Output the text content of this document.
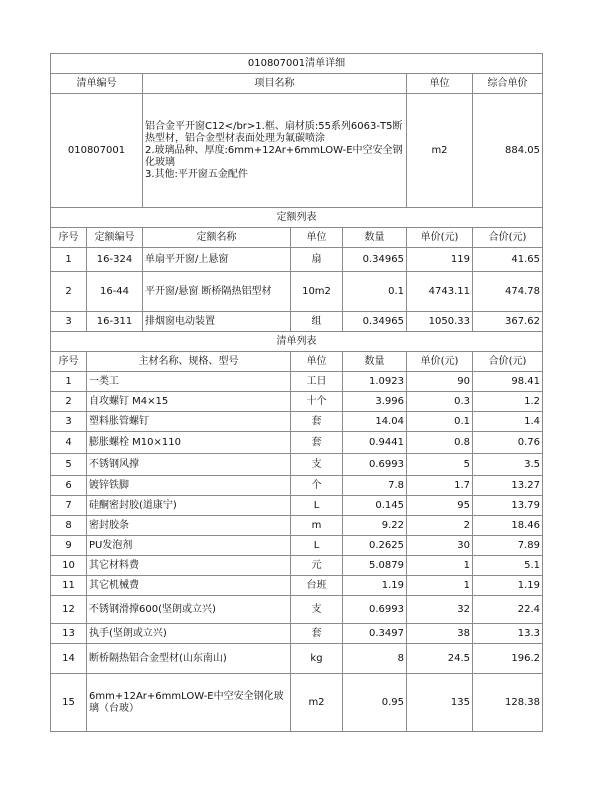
010807001清单详细						
清单编号		项目名称			单位	综合单价
010807001		铝合金平开窗C12</br>1.框、扇材质:55系列6063-T5断热型材，铝合金型材表面处理为氟碳喷涂
2.玻璃品种、厚度:6mm+12Ar+6mmLOW-E中空安全钢化玻璃
3.其他:平开窗五金配件			m2	884.05
定额列表						
序号	定额编号	定额名称	单位	数量	单价(元)	合价(元)
1	16-324	单扇平开窗/上悬窗	扇	0.34965	119	41.65
2	16-44	平开窗/悬窗 断桥隔热铝型材	10m2	0.1	4743.11	474.78
3	16-311	排烟窗电动装置	组	0.34965	1050.33	367.62
清单列表						
序号	主材名称、规格、型号		单位	数量	单价(元)	合价(元)
1	一类工		工日	1.0923	90	98.41
2	自攻螺钉 M4×15		十个	3.996	0.3	1.2
3	塑料胀管螺钉		套	14.04	0.1	1.4
4	膨胀螺栓 M10×110		套	0.9441	0.8	0.76
5	不锈钢风撑		支	0.6993	5	3.5
6	镀锌铁脚		个	7.8	1.7	13.27
7	硅酮密封胶(道康宁)		L	0.145	95	13.79
8	密封胶条		m	9.22	2	18.46
9	PU发泡剂		L	0.2625	30	7.89
10	其它材料费		元	5.0879	1	5.1
11	其它机械费		台班	1.19	1	1.19
12	不锈钢滑撑600(坚朗或立兴)		支	0.6993	32	22.4
13	执手(坚朗或立兴)		套	0.3497	38	13.3
14	断桥隔热铝合金型材(山东南山)		kg	8	24.5	196.2
15	6mm+12Ar+6mmLOW-E中空安全钢化玻璃（台玻）		m2	0.95	135	128.38
